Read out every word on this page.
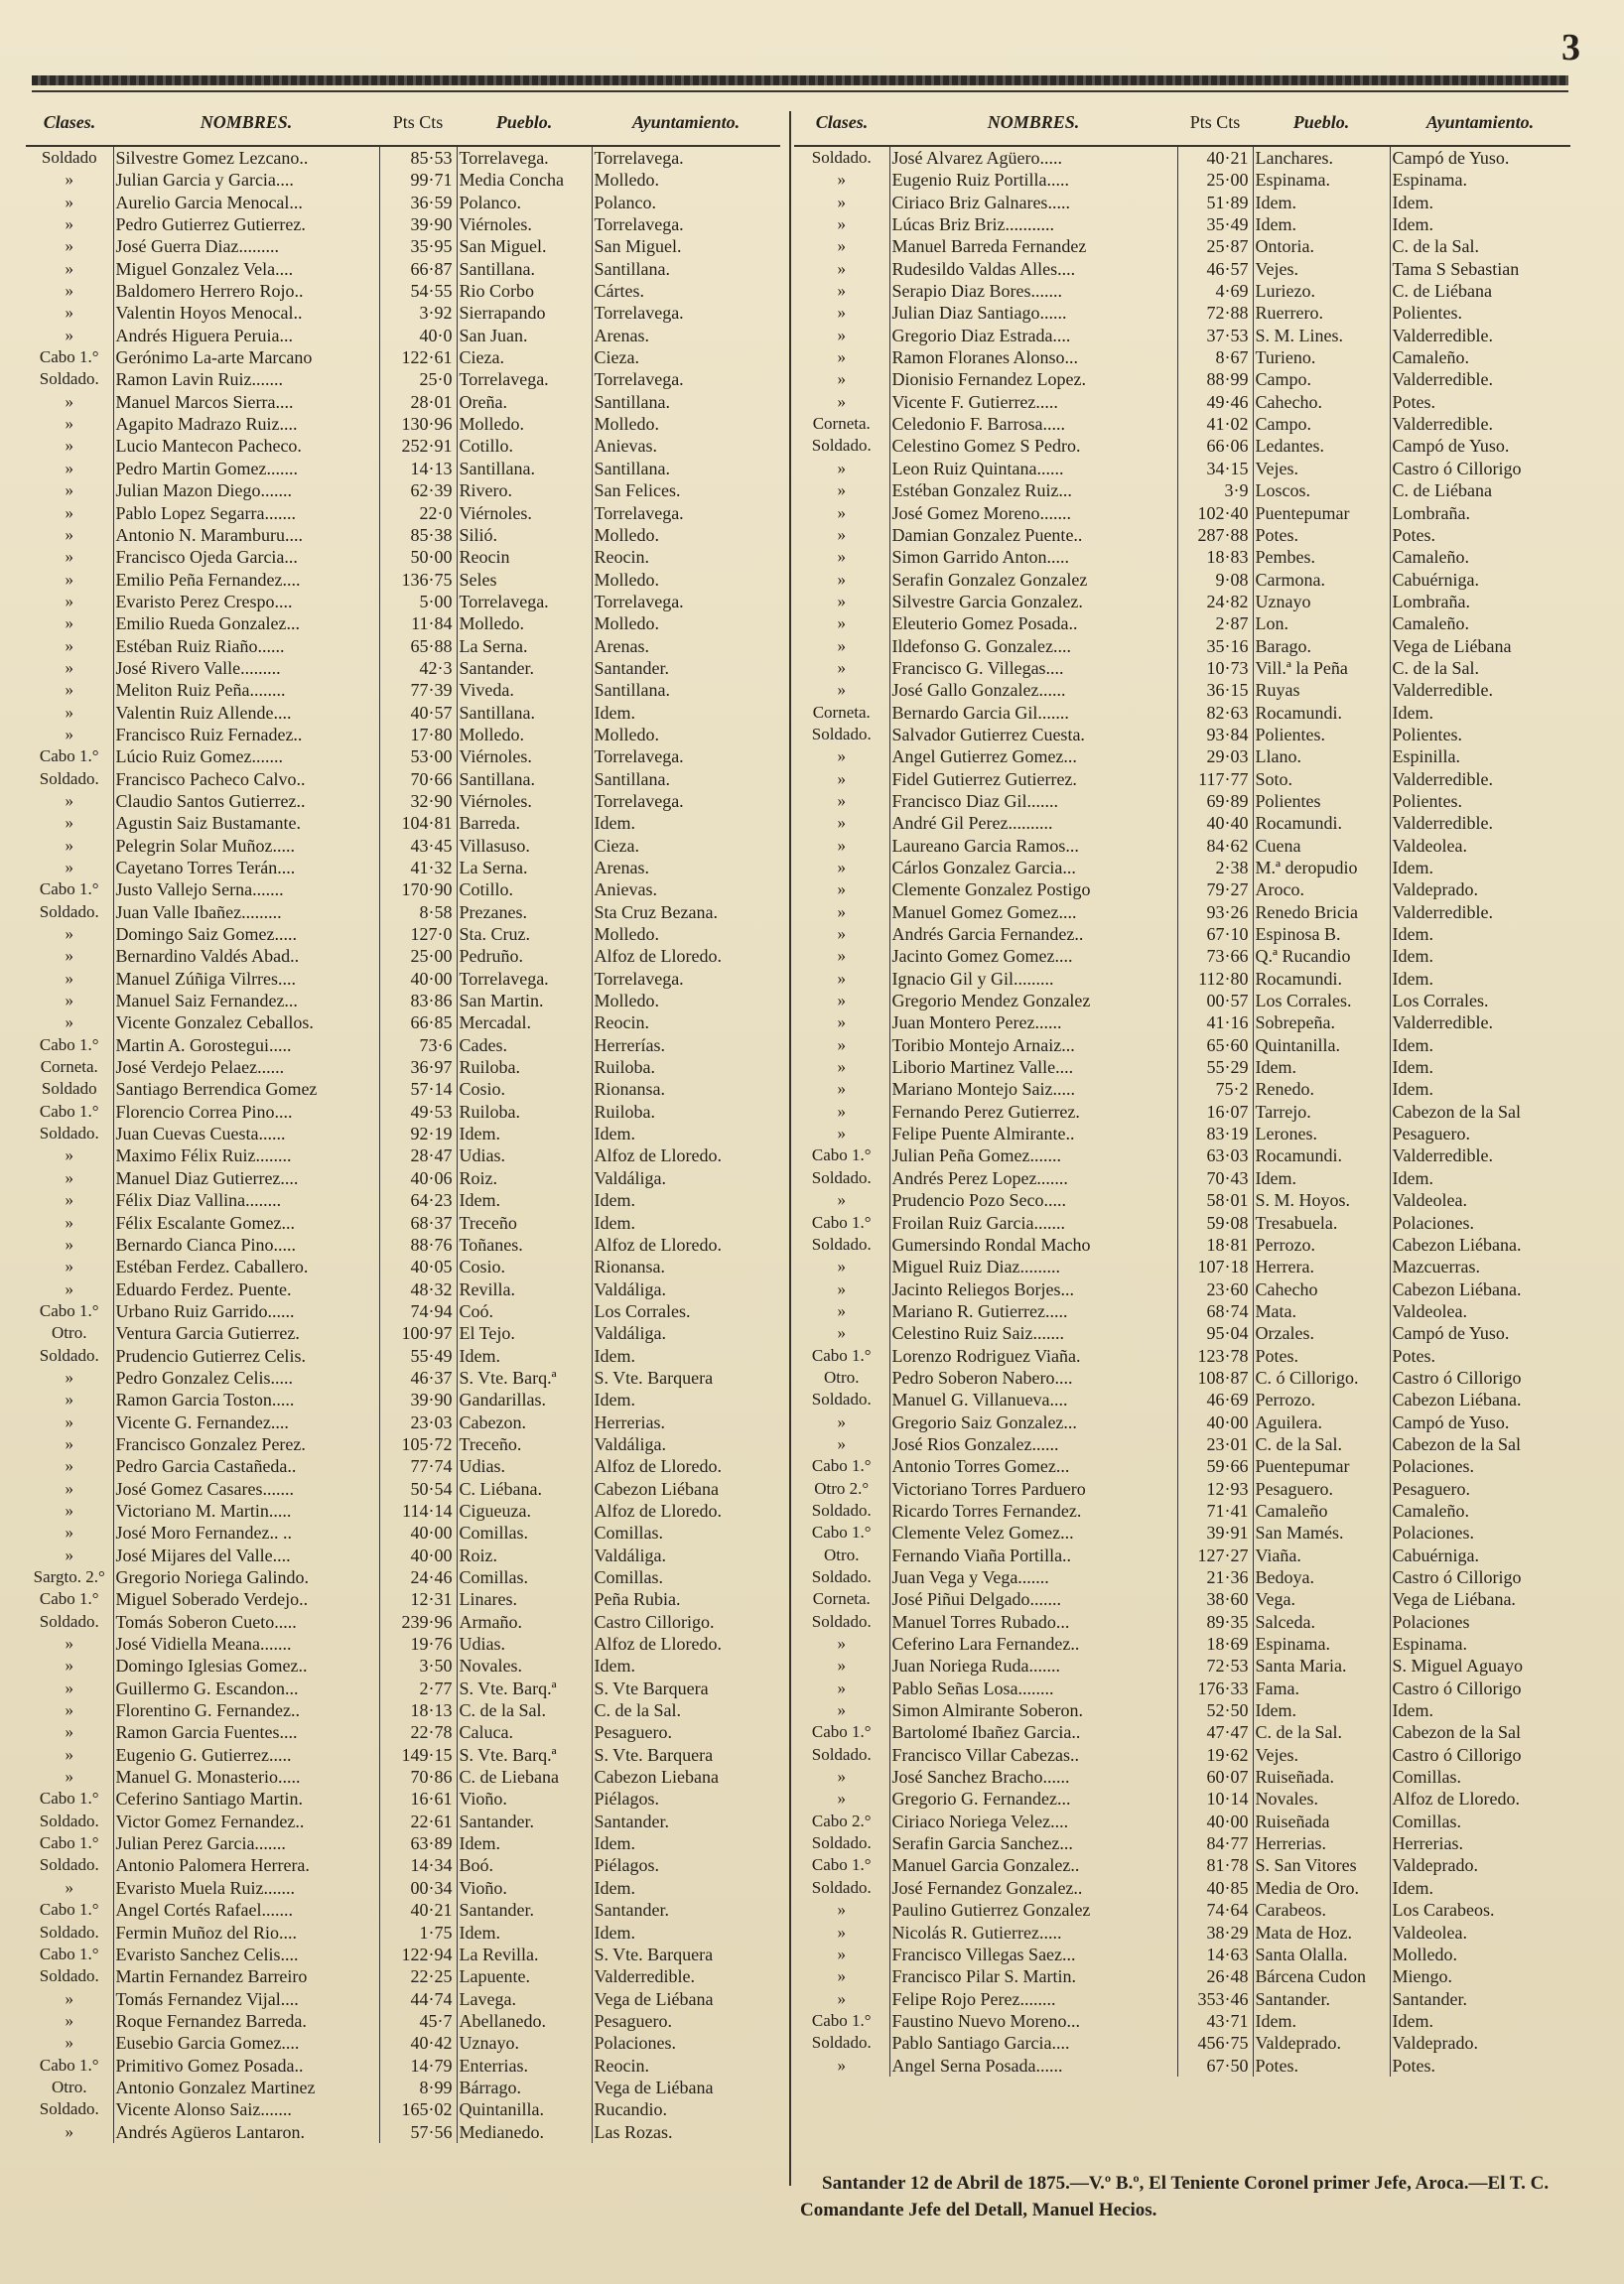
3
Clases.	NOMBRES.	Pts Cts	Pueblo.	Ayuntamiento.
Soldado	Silvestre Gomez Lezcano..	85·53	Torrelavega.	Torrelavega.
»	Julian Garcia y Garcia....	99·71	Media Concha	Molledo.
»	Aurelio Garcia Menocal...	36·59	Polanco.	Polanco.
»	Pedro Gutierrez Gutierrez.	39·90	Viérnoles.	Torrelavega.
»	José Guerra Diaz.........	35·95	San Miguel.	San Miguel.
»	Miguel Gonzalez Vela....	66·87	Santillana.	Santillana.
»	Baldomero Herrero Rojo..	54·55	Rio Corbo	Cártes.
»	Valentin Hoyos Menocal..	3·92	Sierrapando	Torrelavega.
»	Andrés Higuera Peruia...	40·0	San Juan.	Arenas.
Cabo 1.°	Gerónimo La-arte Marcano	122·61	Cieza.	Cieza.
Soldado.	Ramon Lavin Ruiz.......	25·0	Torrelavega.	Torrelavega.
»	Manuel Marcos Sierra....	28·01	Oreña.	Santillana.
»	Agapito Madrazo Ruiz....	130·96	Molledo.	Molledo.
»	Lucio Mantecon Pacheco.	252·91	Cotillo.	Anievas.
»	Pedro Martin Gomez.......	14·13	Santillana.	Santillana.
»	Julian Mazon Diego.......	62·39	Rivero.	San Felices.
»	Pablo Lopez Segarra.......	22·0	Viérnoles.	Torrelavega.
»	Antonio N. Maramburu....	85·38	Silió.	Molledo.
»	Francisco Ojeda Garcia...	50·00	Reocin	Reocin.
»	Emilio Peña Fernandez....	136·75	Seles	Molledo.
»	Evaristo Perez Crespo....	5·00	Torrelavega.	Torrelavega.
»	Emilio Rueda Gonzalez...	11·84	Molledo.	Molledo.
»	Estéban Ruiz Riaño......	65·88	La Serna.	Arenas.
»	José Rivero Valle.........	42·3	Santander.	Santander.
»	Meliton Ruiz Peña........	77·39	Viveda.	Santillana.
»	Valentin Ruiz Allende....	40·57	Santillana.	Idem.
»	Francisco Ruiz Fernadez..	17·80	Molledo.	Molledo.
Cabo 1.°	Lúcio Ruiz Gomez.......	53·00	Viérnoles.	Torrelavega.
Soldado.	Francisco Pacheco Calvo..	70·66	Santillana.	Santillana.
»	Claudio Santos Gutierrez..	32·90	Viérnoles.	Torrelavega.
»	Agustin Saiz Bustamante.	104·81	Barreda.	Idem.
»	Pelegrin Solar Muñoz.....	43·45	Villasuso.	Cieza.
»	Cayetano Torres Terán....	41·32	La Serna.	Arenas.
Cabo 1.°	Justo Vallejo Serna.......	170·90	Cotillo.	Anievas.
Soldado.	Juan Valle Ibañez.........	8·58	Prezanes.	Sta Cruz Bezana.
»	Domingo Saiz Gomez.....	127·0	Sta. Cruz.	Molledo.
»	Bernardino Valdés Abad..	25·00	Pedruño.	Alfoz de Lloredo.
»	Manuel Zúñiga Vilrres....	40·00	Torrelavega.	Torrelavega.
»	Manuel Saiz Fernandez...	83·86	San Martin.	Molledo.
»	Vicente Gonzalez Ceballos.	66·85	Mercadal.	Reocin.
Cabo 1.°	Martin A. Gorostegui.....	73·6	Cades.	Herrerías.
Corneta.	José Verdejo Pelaez......	36·97	Ruiloba.	Ruiloba.
Soldado	Santiago Berrendica Gomez	57·14	Cosio.	Rionansa.
Cabo 1.°	Florencio Correa Pino....	49·53	Ruiloba.	Ruiloba.
Soldado.	Juan Cuevas Cuesta......	92·19	Idem.	Idem.
»	Maximo Félix Ruiz........	28·47	Udias.	Alfoz de Lloredo.
»	Manuel Diaz Gutierrez....	40·06	Roiz.	Valdáliga.
»	Félix Diaz Vallina........	64·23	Idem.	Idem.
»	Félix Escalante Gomez...	68·37	Treceño	Idem.
»	Bernardo Cianca Pino.....	88·76	Toñanes.	Alfoz de Lloredo.
»	Estéban Ferdez. Caballero.	40·05	Cosio.	Rionansa.
»	Eduardo Ferdez. Puente.	48·32	Revilla.	Valdáliga.
Cabo 1.°	Urbano Ruiz Garrido......	74·94	Coó.	Los Corrales.
Otro.	Ventura Garcia Gutierrez.	100·97	El Tejo.	Valdáliga.
Soldado.	Prudencio Gutierrez Celis.	55·49	Idem.	Idem.
»	Pedro Gonzalez Celis.....	46·37	S. Vte. Barq.ª	S. Vte. Barquera
»	Ramon Garcia Toston.....	39·90	Gandarillas.	Idem.
»	Vicente G. Fernandez....	23·03	Cabezon.	Herrerias.
»	Francisco Gonzalez Perez.	105·72	Treceño.	Valdáliga.
»	Pedro Garcia Castañeda..	77·74	Udias.	Alfoz de Lloredo.
»	José Gomez Casares.......	50·54	C. Liébana.	Cabezon Liébana
»	Victoriano M. Martin.....	114·14	Cigueuza.	Alfoz de Lloredo.
»	José Moro Fernandez.. ..	40·00	Comillas.	Comillas.
»	José Mijares del Valle....	40·00	Roiz.	Valdáliga.
Sargto. 2.°	Gregorio Noriega Galindo.	24·46	Comillas.	Comillas.
Cabo 1.°	Miguel Soberado Verdejo..	12·31	Linares.	Peña Rubia.
Soldado.	Tomás Soberon Cueto.....	239·96	Armaño.	Castro Cillorigo.
»	José Vidiella Meana.......	19·76	Udias.	Alfoz de Lloredo.
»	Domingo Iglesias Gomez..	3·50	Novales.	Idem.
»	Guillermo G. Escandon...	2·77	S. Vte. Barq.ª	S. Vte Barquera
»	Florentino G. Fernandez..	18·13	C. de la Sal.	C. de la Sal.
»	Ramon Garcia Fuentes....	22·78	Caluca.	Pesaguero.
»	Eugenio G. Gutierrez.....	149·15	S. Vte. Barq.ª	S. Vte. Barquera
»	Manuel G. Monasterio.....	70·86	C. de Liebana	Cabezon Liebana
Cabo 1.°	Ceferino Santiago Martin.	16·61	Vioño.	Piélagos.
Soldado.	Victor Gomez Fernandez..	22·61	Santander.	Santander.
Cabo 1.°	Julian Perez Garcia.......	63·89	Idem.	Idem.
Soldado.	Antonio Palomera Herrera.	14·34	Boó.	Piélagos.
»	Evaristo Muela Ruiz.......	00·34	Vioño.	Idem.
Cabo 1.°	Angel Cortés Rafael.......	40·21	Santander.	Santander.
Soldado.	Fermin Muñoz del Rio....	1·75	Idem.	Idem.
Cabo 1.°	Evaristo Sanchez Celis....	122·94	La Revilla.	S. Vte. Barquera
Soldado.	Martin Fernandez Barreiro	22·25	Lapuente.	Valderredible.
»	Tomás Fernandez Vijal....	44·74	Lavega.	Vega de Liébana
»	Roque Fernandez Barreda.	45·7	Abellanedo.	Pesaguero.
»	Eusebio Garcia Gomez....	40·42	Uznayo.	Polaciones.
Cabo 1.°	Primitivo Gomez Posada..	14·79	Enterrias.	Reocin.
Otro.	Antonio Gonzalez Martinez	8·99	Bárrago.	Vega de Liébana
Soldado.	Vicente Alonso Saiz.......	165·02	Quintanilla.	Rucandio.
»	Andrés Agüeros Lantaron.	57·56	Medianedo.	Las Rozas.
Clases.	NOMBRES.	Pts Cts	Pueblo.	Ayuntamiento.
Soldado.	José Alvarez Agüero.....	40·21	Lanchares.	Campó de Yuso.
»	Eugenio Ruiz Portilla.....	25·00	Espinama.	Espinama.
»	Ciriaco Briz Galnares.....	51·89	Idem.	Idem.
»	Lúcas Briz Briz...........	35·49	Idem.	Idem.
»	Manuel Barreda Fernandez	25·87	Ontoria.	C. de la Sal.
»	Rudesildo Valdas Alles....	46·57	Vejes.	Tama S Sebastian
»	Serapio Diaz Bores.......	4·69	Luriezo.	C. de Liébana
»	Julian Diaz Santiago......	72·88	Ruerrero.	Polientes.
»	Gregorio Diaz Estrada....	37·53	S. M. Lines.	Valderredible.
»	Ramon Floranes Alonso...	8·67	Turieno.	Camaleño.
»	Dionisio Fernandez Lopez.	88·99	Campo.	Valderredible.
»	Vicente F. Gutierrez.....	49·46	Cahecho.	Potes.
Corneta.	Celedonio F. Barrosa.....	41·02	Campo.	Valderredible.
Soldado.	Celestino Gomez S Pedro.	66·06	Ledantes.	Campó de Yuso.
»	Leon Ruiz Quintana......	34·15	Vejes.	Castro ó Cillorigo
»	Estéban Gonzalez Ruiz...	3·9	Loscos.	C. de Liébana
»	José Gomez Moreno.......	102·40	Puentepumar	Lombraña.
»	Damian Gonzalez Puente..	287·88	Potes.	Potes.
»	Simon Garrido Anton.....	18·83	Pembes.	Camaleño.
»	Serafin Gonzalez Gonzalez	9·08	Carmona.	Cabuérniga.
»	Silvestre Garcia Gonzalez.	24·82	Uznayo	Lombraña.
»	Eleuterio Gomez Posada..	2·87	Lon.	Camaleño.
»	Ildefonso G. Gonzalez....	35·16	Barago.	Vega de Liébana
»	Francisco G. Villegas....	10·73	Vill.ª la Peña	C. de la Sal.
»	José Gallo Gonzalez......	36·15	Ruyas	Valderredible.
Corneta.	Bernardo Garcia Gil.......	82·63	Rocamundi.	Idem.
Soldado.	Salvador Gutierrez Cuesta.	93·84	Polientes.	Polientes.
»	Angel Gutierrez Gomez...	29·03	Llano.	Espinilla.
»	Fidel Gutierrez Gutierrez.	117·77	Soto.	Valderredible.
»	Francisco Diaz Gil.......	69·89	Polientes	Polientes.
»	André Gil Perez..........	40·40	Rocamundi.	Valderredible.
»	Laureano Garcia Ramos...	84·62	Cuena	Valdeolea.
»	Cárlos Gonzalez Garcia...	2·38	M.ª deropudio	Idem.
»	Clemente Gonzalez Postigo	79·27	Aroco.	Valdeprado.
»	Manuel Gomez Gomez....	93·26	Renedo Bricia	Valderredible.
»	Andrés Garcia Fernandez..	67·10	Espinosa B.	Idem.
»	Jacinto Gomez Gomez....	73·66	Q.ª Rucandio	Idem.
»	Ignacio Gil y Gil.........	112·80	Rocamundi.	Idem.
»	Gregorio Mendez Gonzalez	00·57	Los Corrales.	Los Corrales.
»	Juan Montero Perez......	41·16	Sobrepeña.	Valderredible.
»	Toribio Montejo Arnaiz...	65·60	Quintanilla.	Idem.
»	Liborio Martinez Valle....	55·29	Idem.	Idem.
»	Mariano Montejo Saiz.....	75·2	Renedo.	Idem.
»	Fernando Perez Gutierrez.	16·07	Tarrejo.	Cabezon de la Sal
»	Felipe Puente Almirante..	83·19	Lerones.	Pesaguero.
Cabo 1.°	Julian Peña Gomez.......	63·03	Rocamundi.	Valderredible.
Soldado.	Andrés Perez Lopez.......	70·43	Idem.	Idem.
»	Prudencio Pozo Seco.....	58·01	S. M. Hoyos.	Valdeolea.
Cabo 1.°	Froilan Ruiz Garcia.......	59·08	Tresabuela.	Polaciones.
Soldado.	Gumersindo Rondal Macho	18·81	Perrozo.	Cabezon Liébana.
»	Miguel Ruiz Diaz.........	107·18	Herrera.	Mazcuerras.
»	Jacinto Reliegos Borjes...	23·60	Cahecho	Cabezon Liébana.
»	Mariano R. Gutierrez.....	68·74	Mata.	Valdeolea.
»	Celestino Ruiz Saiz.......	95·04	Orzales.	Campó de Yuso.
Cabo 1.°	Lorenzo Rodriguez Viaña.	123·78	Potes.	Potes.
Otro.	Pedro Soberon Nabero....	108·87	C. ó Cillorigo.	Castro ó Cillorigo
Soldado.	Manuel G. Villanueva....	46·69	Perrozo.	Cabezon Liébana.
»	Gregorio Saiz Gonzalez...	40·00	Aguilera.	Campó de Yuso.
»	José Rios Gonzalez......	23·01	C. de la Sal.	Cabezon de la Sal
Cabo 1.°	Antonio Torres Gomez...	59·66	Puentepumar	Polaciones.
Otro 2.°	Victoriano Torres Parduero	12·93	Pesaguero.	Pesaguero.
Soldado.	Ricardo Torres Fernandez.	71·41	Camaleño	Camaleño.
Cabo 1.°	Clemente Velez Gomez...	39·91	San Mamés.	Polaciones.
Otro.	Fernando Viaña Portilla..	127·27	Viaña.	Cabuérniga.
Soldado.	Juan Vega y Vega.......	21·36	Bedoya.	Castro ó Cillorigo
Corneta.	José Piñui Delgado.......	38·60	Vega.	Vega de Liébana.
Soldado.	Manuel Torres Rubado...	89·35	Salceda.	Polaciones
»	Ceferino Lara Fernandez..	18·69	Espinama.	Espinama.
»	Juan Noriega Ruda.......	72·53	Santa Maria.	S. Miguel Aguayo
»	Pablo Señas Losa........	176·33	Fama.	Castro ó Cillorigo
»	Simon Almirante Soberon.	52·50	Idem.	Idem.
Cabo 1.°	Bartolomé Ibañez Garcia..	47·47	C. de la Sal.	Cabezon de la Sal
Soldado.	Francisco Villar Cabezas..	19·62	Vejes.	Castro ó Cillorigo
»	José Sanchez Bracho......	60·07	Ruiseñada.	Comillas.
»	Gregorio G. Fernandez...	10·14	Novales.	Alfoz de Lloredo.
Cabo 2.°	Ciriaco Noriega Velez....	40·00	Ruiseñada	Comillas.
Soldado.	Serafin Garcia Sanchez...	84·77	Herrerias.	Herrerias.
Cabo 1.°	Manuel Garcia Gonzalez..	81·78	S. San Vitores	Valdeprado.
Soldado.	José Fernandez Gonzalez..	40·85	Media de Oro.	Idem.
»	Paulino Gutierrez Gonzalez	74·64	Carabeos.	Los Carabeos.
»	Nicolás R. Gutierrez.....	38·29	Mata de Hoz.	Valdeolea.
»	Francisco Villegas Saez...	14·63	Santa Olalla.	Molledo.
»	Francisco Pilar S. Martin.	26·48	Bárcena Cudon	Miengo.
»	Felipe Rojo Perez........	353·46	Santander.	Santander.
Cabo 1.°	Faustino Nuevo Moreno...	43·71	Idem.	Idem.
Soldado.	Pablo Santiago Garcia....	456·75	Valdeprado.	Valdeprado.
»	Angel Serna Posada......	67·50	Potes.	Potes.
Santander 12 de Abril de 1875.—V.º B.º, El Teniente Coronel primer Jefe, Aroca.—El T. C. Comandante Jefe del Detall, Manuel Hecios.
